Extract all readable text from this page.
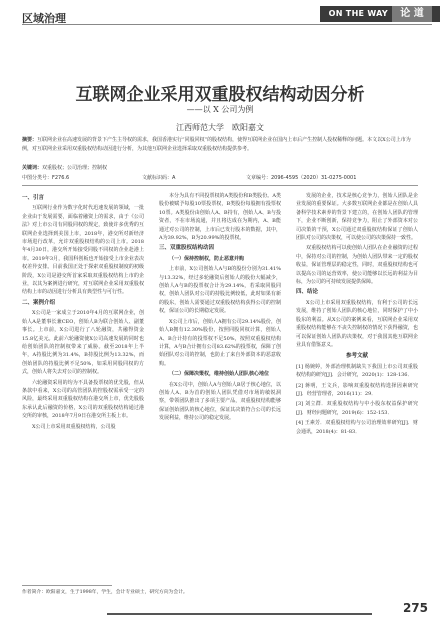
区域治理	ON THE WAY	论 道
互联网企业采用双重股权结构动因分析
——以 X 公司为例
江西师范大学　欧阳嘉文
摘要：互联网企业在高速发展的背景下产生主导权的需求，我国香港实行“同股同权”的股权结构，使得互联网企业在国内上市后产生控制人投权稀释的问题。本文以X公司上市为例，对互联网企业采用双重股权结构动因进行分析，为其他互联网企业选择采取双重股权结构提供参考。
关键词：双重股权；公司治理；控制权
中图分类号：F276.6	文献标识码：A	文章编号：2096-4595（2020）31-0275-0001
一、引言

互联网行业作为数字化时代迅速发展的领域，一批企业由于发展需要，面临着融资上的需求，由于《公司法》对上市公司有同股同权的规定，致使许多优秀的互联网企业选择到美国上市，2018年，港交所对新经济市场进行改革，允许双重股权结构的公司上市。2018年4月30日，港交所开始接受同股不同权的企业赴港上市。2019年3月，我国科创板也开始接受上市企业表决权差异安排。目前我国正处于探索双重股权制度的初级阶段，X公司是港交所首家采取双重股权结构上市的企业，以其为案例进行研究，对互联网企业采用双重股权结构上市的动因进行分析具有典型性与可行性。

二、案例介绍

X公司是一家成立于2010年4月的互联网企业，创始人A是董事长兼CEO，创始人B为联合创始人、副董事长。上市前，X公司进行了八轮融资，共融得资金15.8亿美元。此前六轮融资使X公司高速发展的同时也给创始团队的控制权带来了威胁。截至2018年上半年，A持股比例为31.4%，B持股比例为13.32%，而创始团队的持股比例不足50%，如采用同股同权的方式，创始人将失去对公司的控制权。

六轮融资采用的均为不具备投票权的优先股，但从条款中看来，X公司的高管团队的控股权需承受一定的风险，最终采用双重股权结构在港交所上市，优先股股东承认此后融资的价格，X公司的双重股权结构通过港交所的审核，2018年7月9日在港交所主板上市。

X公司上市采用双重股权结构，公司股

本分为具有不同投票权的A类股份和B类股份。A类股份被赋予每股10票投票权，B类股份每股拥有投票权10票。A类股份由创始人A、B持有，创始人A、B与投资者，不在市场流通，并且将达成在为期内，A、B能通过对公司的控制，上市后已发行股本的数据，其中，A为39.92%，B为20.99%的投票权。

三、双重股权结构动因
（一）保持控制权，防止恶意并购

上市前，X公司创始人A与B的股份分别为31.41%与13.32%，经过多轮融资后创始人的股份大幅减少，创始人A与B的投票权合计为29.14%，若采取同股同权，创始人团队对公司的持股比例较低，此时如果有新的股东，创始人需要通过双重股权结构获得公司的控制权，保证公司的长期稳定发展。

X公司上市后，创始人A拥有公司29.14%股份，创始人B拥有12.30%股份，按照同股同权计算，创始人A、B合计持有的投票权不足50%，按照双重股权结构计算，A与B合计拥有公司83.62%的投票权，保障了创始团队对公司的控制，也防止了来自外部资本的恶意收购。

（二）保障决策权，维持创始人团队核心地位

在X公司中，创始人A与创始人B居于核心地位，以创始人A、B为首的创始人团队凭借对市场的敏锐洞察，带领团队推出了多项主要产品，双重股权结构能够保证创始团队的核心地位，保证其决策符合公司的长远发展利益，维持公司的稳定发展。

发展的企业，技术是核心竞争力，创始人团队是企业发展的重要保证。大多数互联网企业都是在创始人具备科学技术素养的背景下建立的，在创始人团队的管理下，企业不断创新，保持竞争力，阻止了外部资本对公司决策的干预，X公司通过双重股权结构保证了创始人团队对公司的决策权，可以使公司的决策保持一致性。

双重股权结构可以使创始人团队在企业融资的过程中，保持对公司的控制，为创始人团队带来一定的股权收益，保证管理层的稳定性，同时，双重股权结构也可以提高公司的运营效率，使公司能够以长远的利益为目标，为公司的可持续发展提供保障。

四、结论

X公司上市采用双重股权结构，有利于公司的长远发展，维持了创始人团队的核心地位，同时保护了中小股东的利益。从X公司的案例来看，互联网企业采用双重股权结构能够在不丧失控制权的情况下获得融资，也可以保证创始人团队的决策权，对于我国其他互联网企业具有借鉴意义。

参考文献

[1] 杨婉婷，外部治理机制缺失下我国上市公司双重股权结构的研究[J]．会计研究，2020(1)：128-136．

[2] 蒋明，王文兵，影响双重股权结构选择因素研究[J]．经营管理者，2016(11)：29．

[3] 刘立群．双重股权结构与中小股东权益保护研究[J]．财经问题研究，2019(6)：152-153．

[4] 王素芳．双重股权结构与公司治理效率研究[J]．财会通讯，2018(4)：81-83．

作者简介：欧阳嘉文，生于1998年，学生，会计专业硕士，研究方向为会计。
275
